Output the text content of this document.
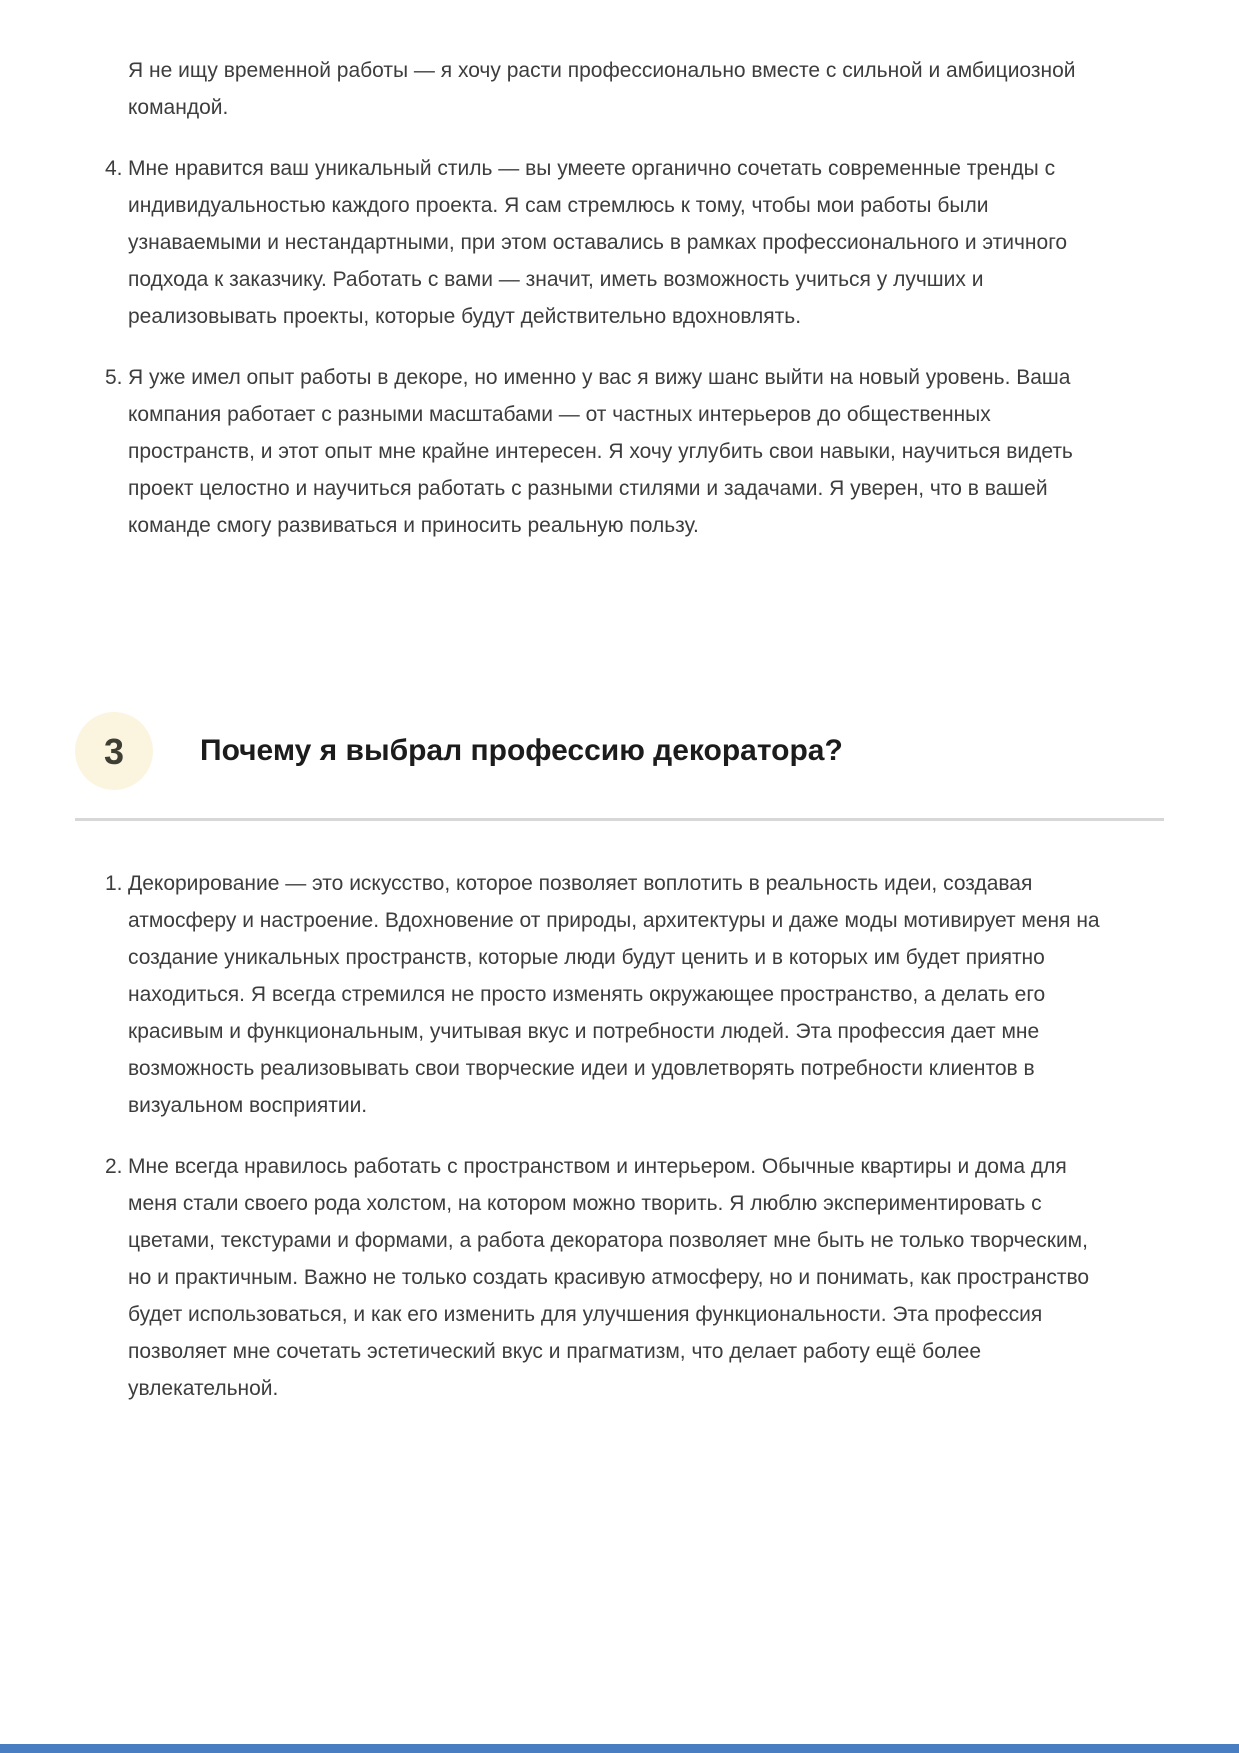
Я не ищу временной работы — я хочу расти профессионально вместе с сильной и амбициозной командой.

4. Мне нравится ваш уникальный стиль — вы умеете органично сочетать современные тренды с индивидуальностью каждого проекта. Я сам стремлюсь к тому, чтобы мои работы были узнаваемыми и нестандартными, при этом оставались в рамках профессионального и этичного подхода к заказчику. Работать с вами — значит, иметь возможность учиться у лучших и реализовывать проекты, которые будут действительно вдохновлять.
5. Я уже имел опыт работы в декоре, но именно у вас я вижу шанс выйти на новый уровень. Ваша компания работает с разными масштабами — от частных интерьеров до общественных пространств, и этот опыт мне крайне интересен. Я хочу углубить свои навыки, научиться видеть проект целостно и научиться работать с разными стилями и задачами. Я уверен, что в вашей команде смогу развиваться и приносить реальную пользу.
3	Почему я выбрал профессию декоратора?
1. Декорирование — это искусство, которое позволяет воплотить в реальность идеи, создавая атмосферу и настроение. Вдохновение от природы, архитектуры и даже моды мотивирует меня на создание уникальных пространств, которые люди будут ценить и в которых им будет приятно находиться. Я всегда стремился не просто изменять окружающее пространство, а делать его красивым и функциональным, учитывая вкус и потребности людей. Эта профессия дает мне возможность реализовывать свои творческие идеи и удовлетворять потребности клиентов в визуальном восприятии.
2. Мне всегда нравилось работать с пространством и интерьером. Обычные квартиры и дома для меня стали своего рода холстом, на котором можно творить. Я люблю экспериментировать с цветами, текстурами и формами, а работа декоратора позволяет мне быть не только творческим, но и практичным. Важно не только создать красивую атмосферу, но и понимать, как пространство будет использоваться, и как его изменить для улучшения функциональности. Эта профессия позволяет мне сочетать эстетический вкус и прагматизм, что делает работу ещё более увлекательной.
